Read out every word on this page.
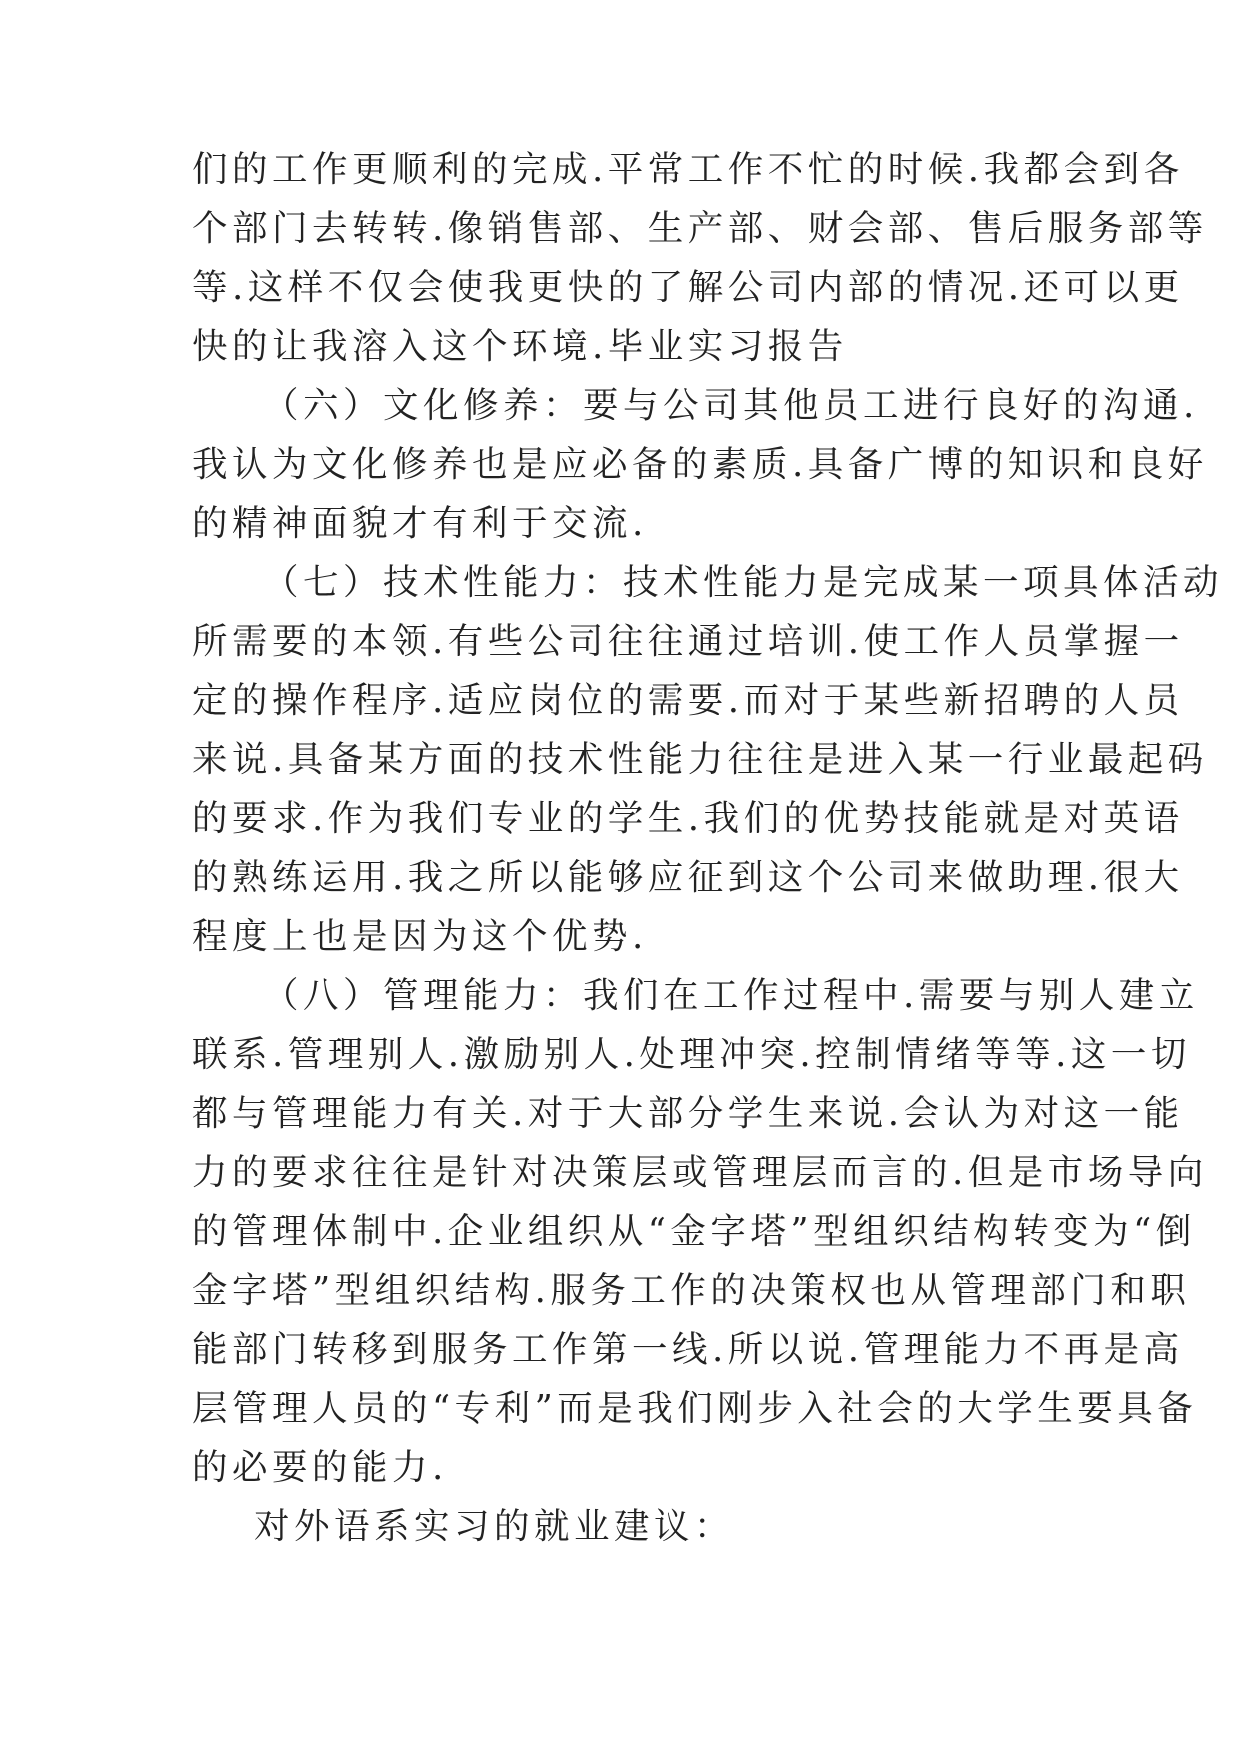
们的工作更顺利的完成.平常工作不忙的时候.我都会到各
个部门去转转.像销售部、生产部、财会部、售后服务部等
等.这样不仅会使我更快的了解公司内部的情况.还可以更
快的让我溶入这个环境.毕业实习报告
（六）文化修养：要与公司其他员工进行良好的沟通.
我认为文化修养也是应必备的素质.具备广博的知识和良好
的精神面貌才有利于交流.
（七）技术性能力：技术性能力是完成某一项具体活动
所需要的本领.有些公司往往通过培训.使工作人员掌握一
定的操作程序.适应岗位的需要.而对于某些新招聘的人员
来说.具备某方面的技术性能力往往是进入某一行业最起码
的要求.作为我们专业的学生.我们的优势技能就是对英语
的熟练运用.我之所以能够应征到这个公司来做助理.很大
程度上也是因为这个优势.
（八）管理能力：我们在工作过程中.需要与别人建立
联系.管理别人.激励别人.处理冲突.控制情绪等等.这一切
都与管理能力有关.对于大部分学生来说.会认为对这一能
力的要求往往是针对决策层或管理层而言的.但是市场导向
的管理体制中.企业组织从“金字塔”型组织结构转变为“倒
金字塔”型组织结构.服务工作的决策权也从管理部门和职
能部门转移到服务工作第一线.所以说.管理能力不再是高
层管理人员的“专利”而是我们刚步入社会的大学生要具备
的必要的能力.
对外语系实习的就业建议：
